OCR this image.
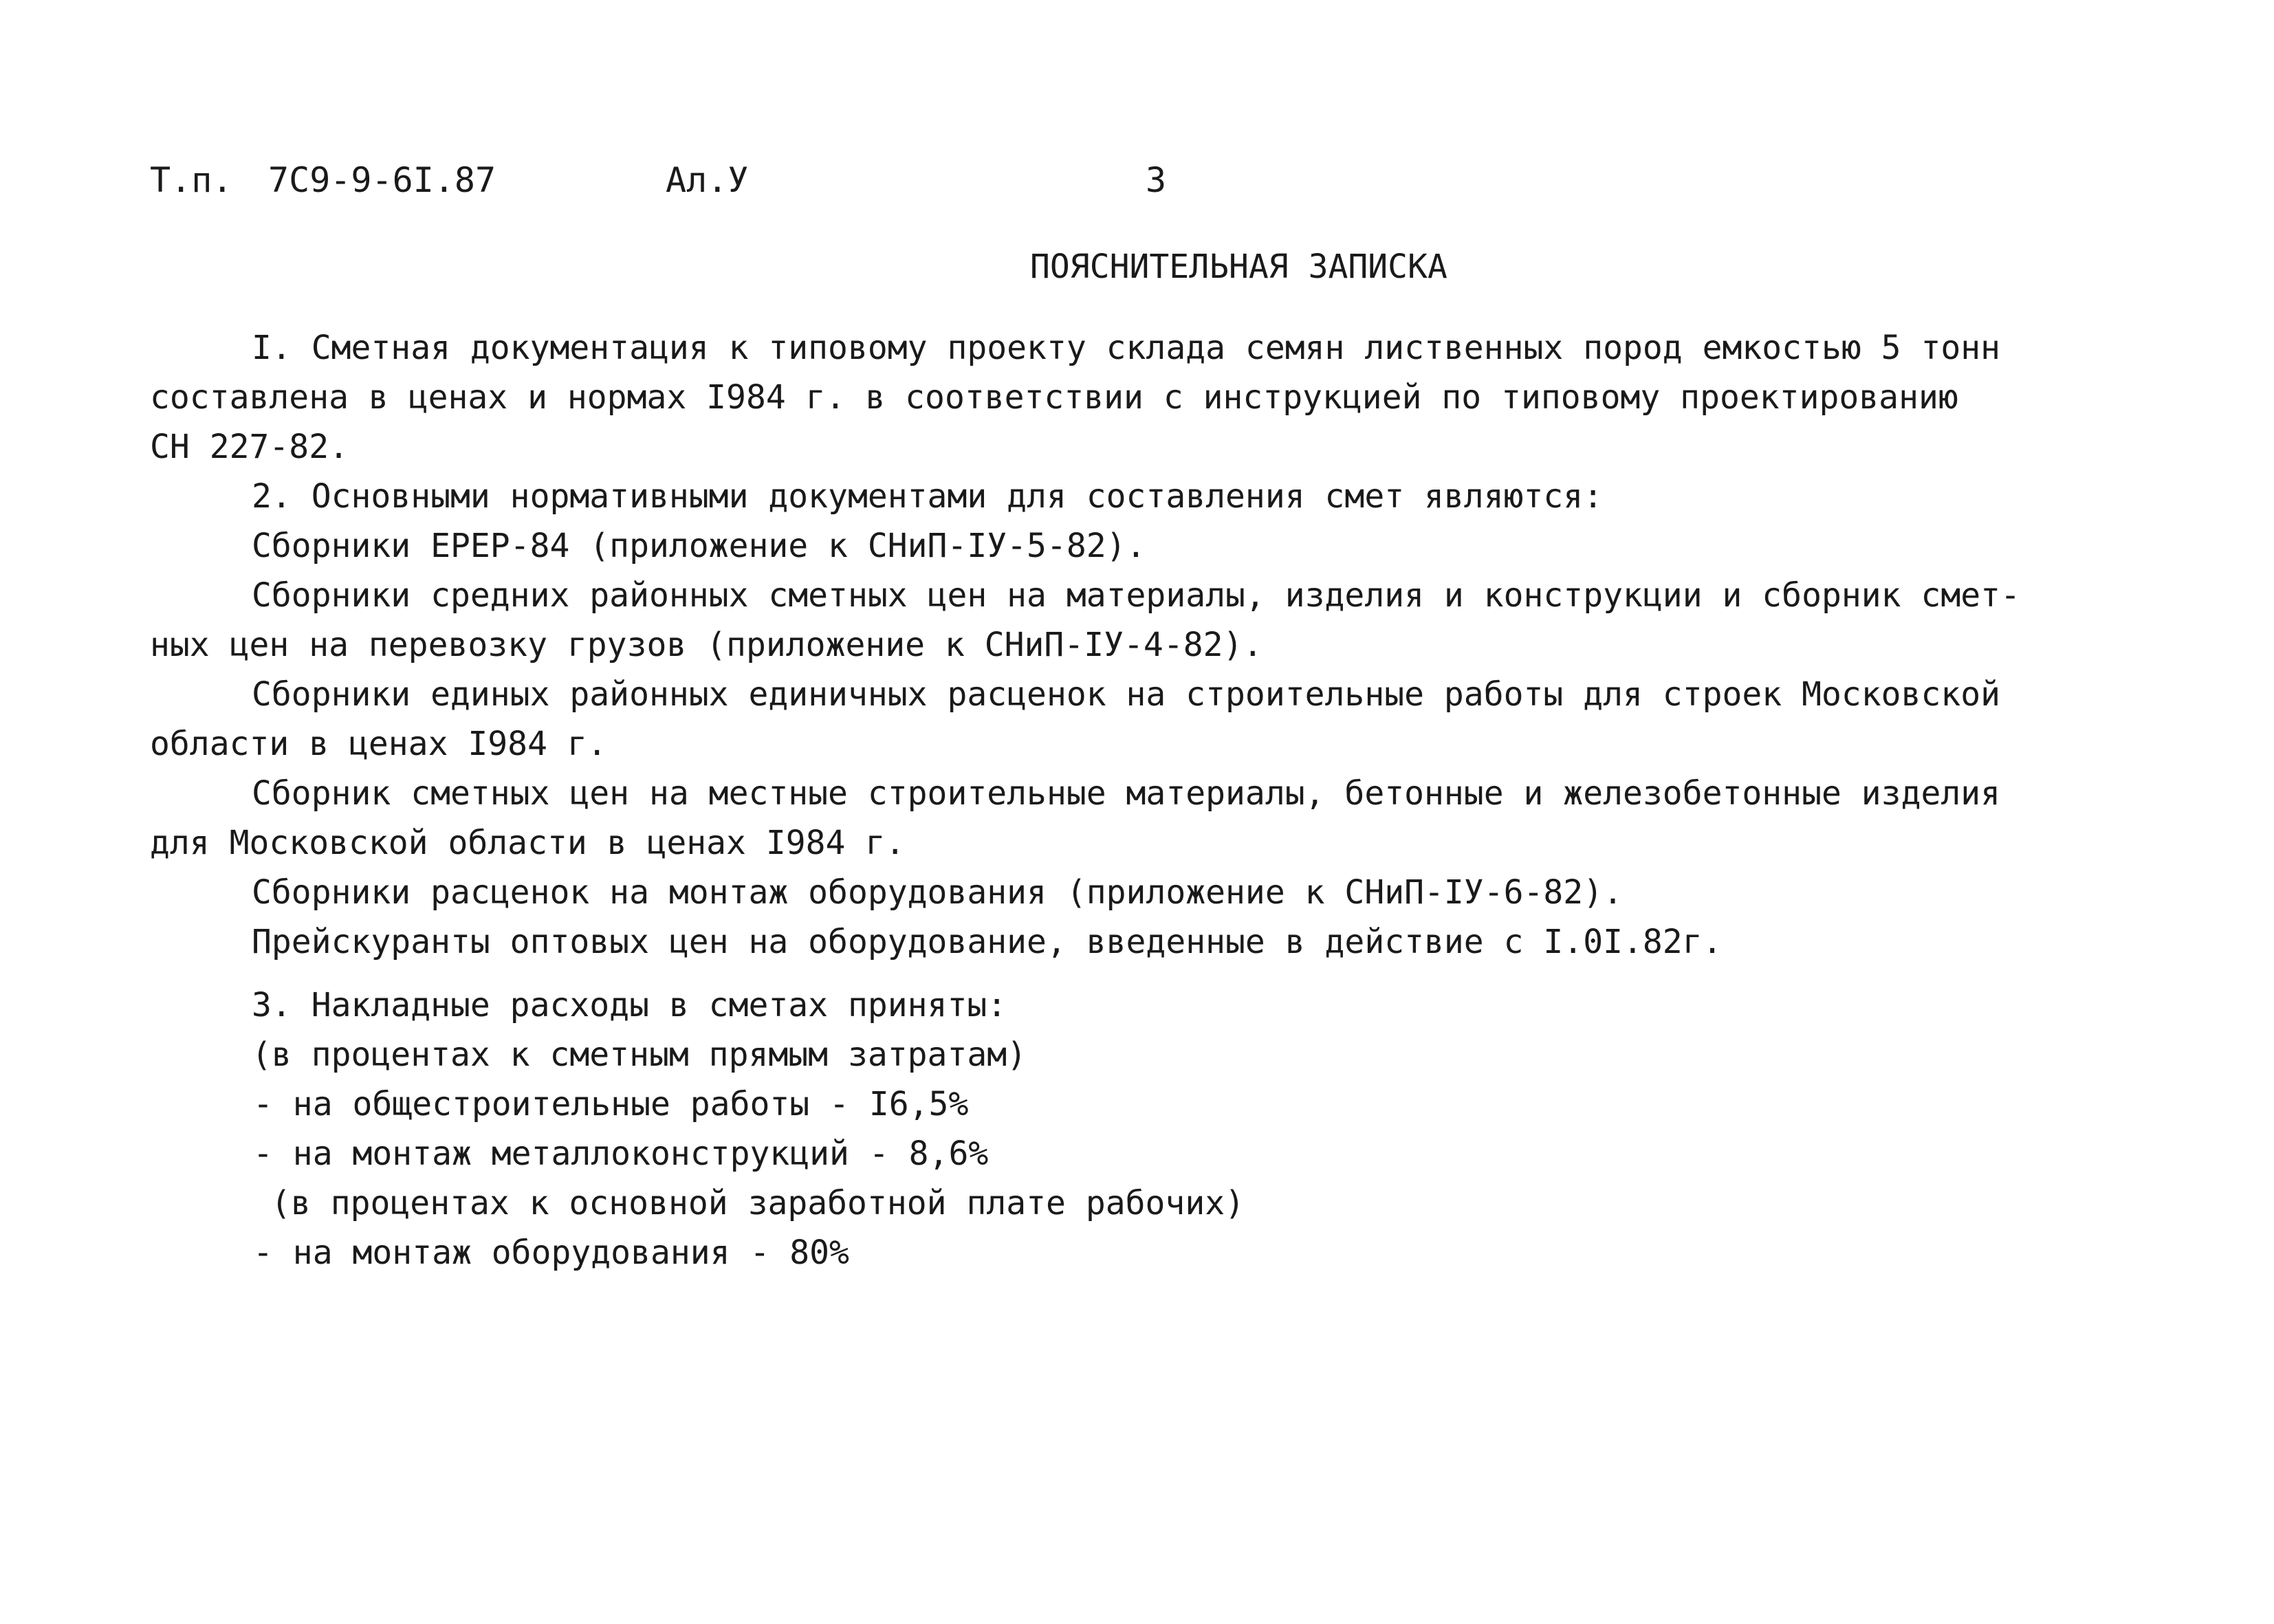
Т.п. 7С9-9-6I.87	Ал.У	3
ПОЯСНИТЕЛЬНАЯ ЗАПИСКА
I. Сметная документация к типовому проекту склада семян лиственных пород емкостью 5 тонн
составлена в ценах и нормах I984 г. в соответствии с инструкцией по типовому проектированию
СН 227-82.
2. Основными нормативными документами для составления смет являются:
Сборники ЕРЕР-84 (приложение к СНиП-IУ-5-82).
Сборники средних районных сметных цен на материалы, изделия и конструкции и сборник смет-
ных цен на перевозку грузов (приложение к СНиП-IУ-4-82).
Сборники единых районных единичных расценок на строительные работы для строек Московской
области в ценах I984 г.
Сборник сметных цен на местные строительные материалы, бетонные и железобетонные изделия
для Московской области в ценах I984 г.
Сборники расценок на монтаж оборудования (приложение к СНиП-IУ-6-82).
Прейскуранты оптовых цен на оборудование, введенные в действие с I.0I.82г.
3. Накладные расходы в сметах приняты:
(в процентах к сметным прямым затратам)
- на общестроительные работы - I6,5%
- на монтаж металлоконструкций - 8,6%
(в процентах к основной заработной плате рабочих)
- на монтаж оборудования - 80%
